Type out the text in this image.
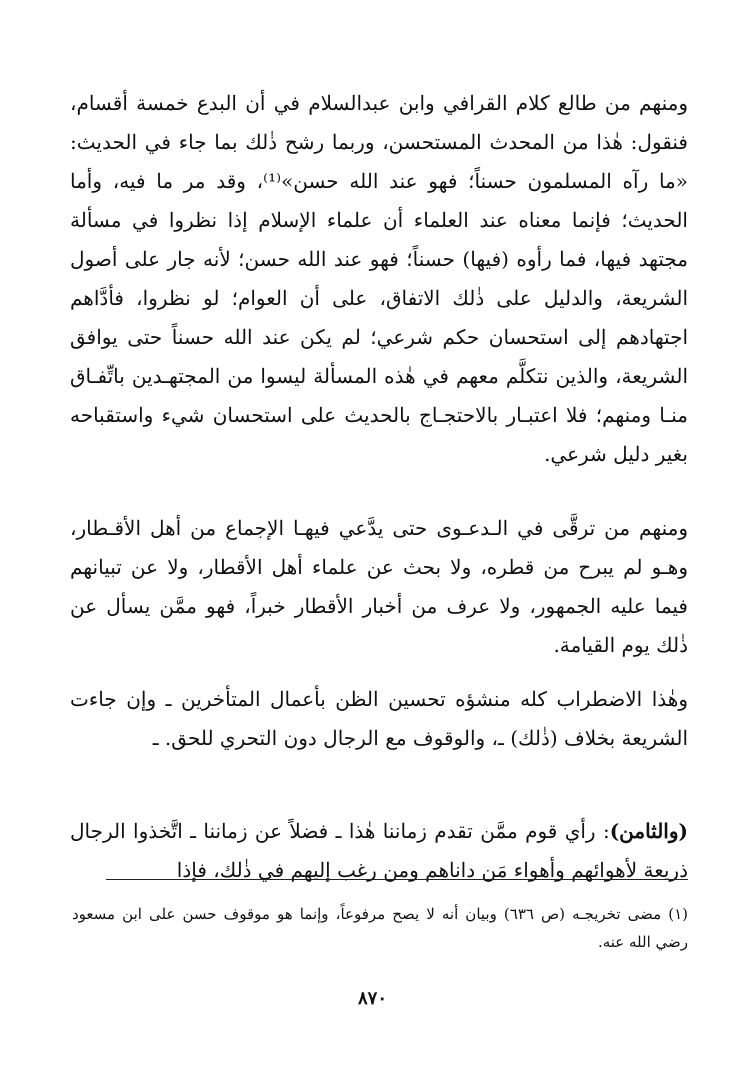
ومنهم من طالع كلام القرافي وابن عبدالسلام في أن البدع خمسة أقسام، فنقول: هٰذا من المحدث المستحسن، وربما رشح ذٰلك بما جاء في الحديث: «ما رآه المسلمون حسناً؛ فهو عند الله حسن»⁽¹⁾، وقد مر ما فيه، وأما الحديث؛ فإنما معناه عند العلماء أن علماء الإسلام إذا نظروا في مسألة مجتهد فيها، فما رأوه (فيها) حسناً؛ فهو عند الله حسن؛ لأنه جار على أصول الشريعة، والدليل على ذٰلك الاتفاق، على أن العوام؛ لو نظروا، فأدَّاهم اجتهادهم إلى استحسان حكم شرعي؛ لم يكن عند الله حسناً حتى يوافق الشريعة، والذين نتكلَّم معهم في هٰذه المسألة ليسوا من المجتهـدين باتِّفـاق منـا ومنهم؛ فلا اعتبـار بالاحتجـاج بالحديث على استحسان شيء واستقباحه بغير دليل شرعي.

ومنهم من ترقَّى في الـدعـوى حتى يدَّعي فيهـا الإجماع من أهل الأقـطار، وهـو لم يبرح من قطره، ولا بحث عن علماء أهل الأقطار، ولا عن تبيانهم فيما عليه الجمهور، ولا عرف من أخبار الأقطار خبراً، فهو ممَّن يسأل عن ذٰلك يوم القيامة.

وهٰذا الاضطراب كله منشؤه تحسين الظن بأعمال المتأخرين ـ وإن جاءت الشريعة بخلاف (ذٰلك) ـ، والوقوف مع الرجال دون التحري للحق. ـ

(والثامن): رأي قوم ممَّن تقدم زماننا هٰذا ـ فضلاً عن زماننا ـ اتَّخذوا الرجال ذريعة لأهوائهم وأهواء مَن داناهم ومن رغب إليهم في ذٰلك، فإذا

(١) مضى تخريجـه (ص ٦٣٦) وبيان أنه لا يصح مرفوعاً، وإنما هو موقوف حسن على ابن مسعود رضي الله عنه.

٨٧٠
